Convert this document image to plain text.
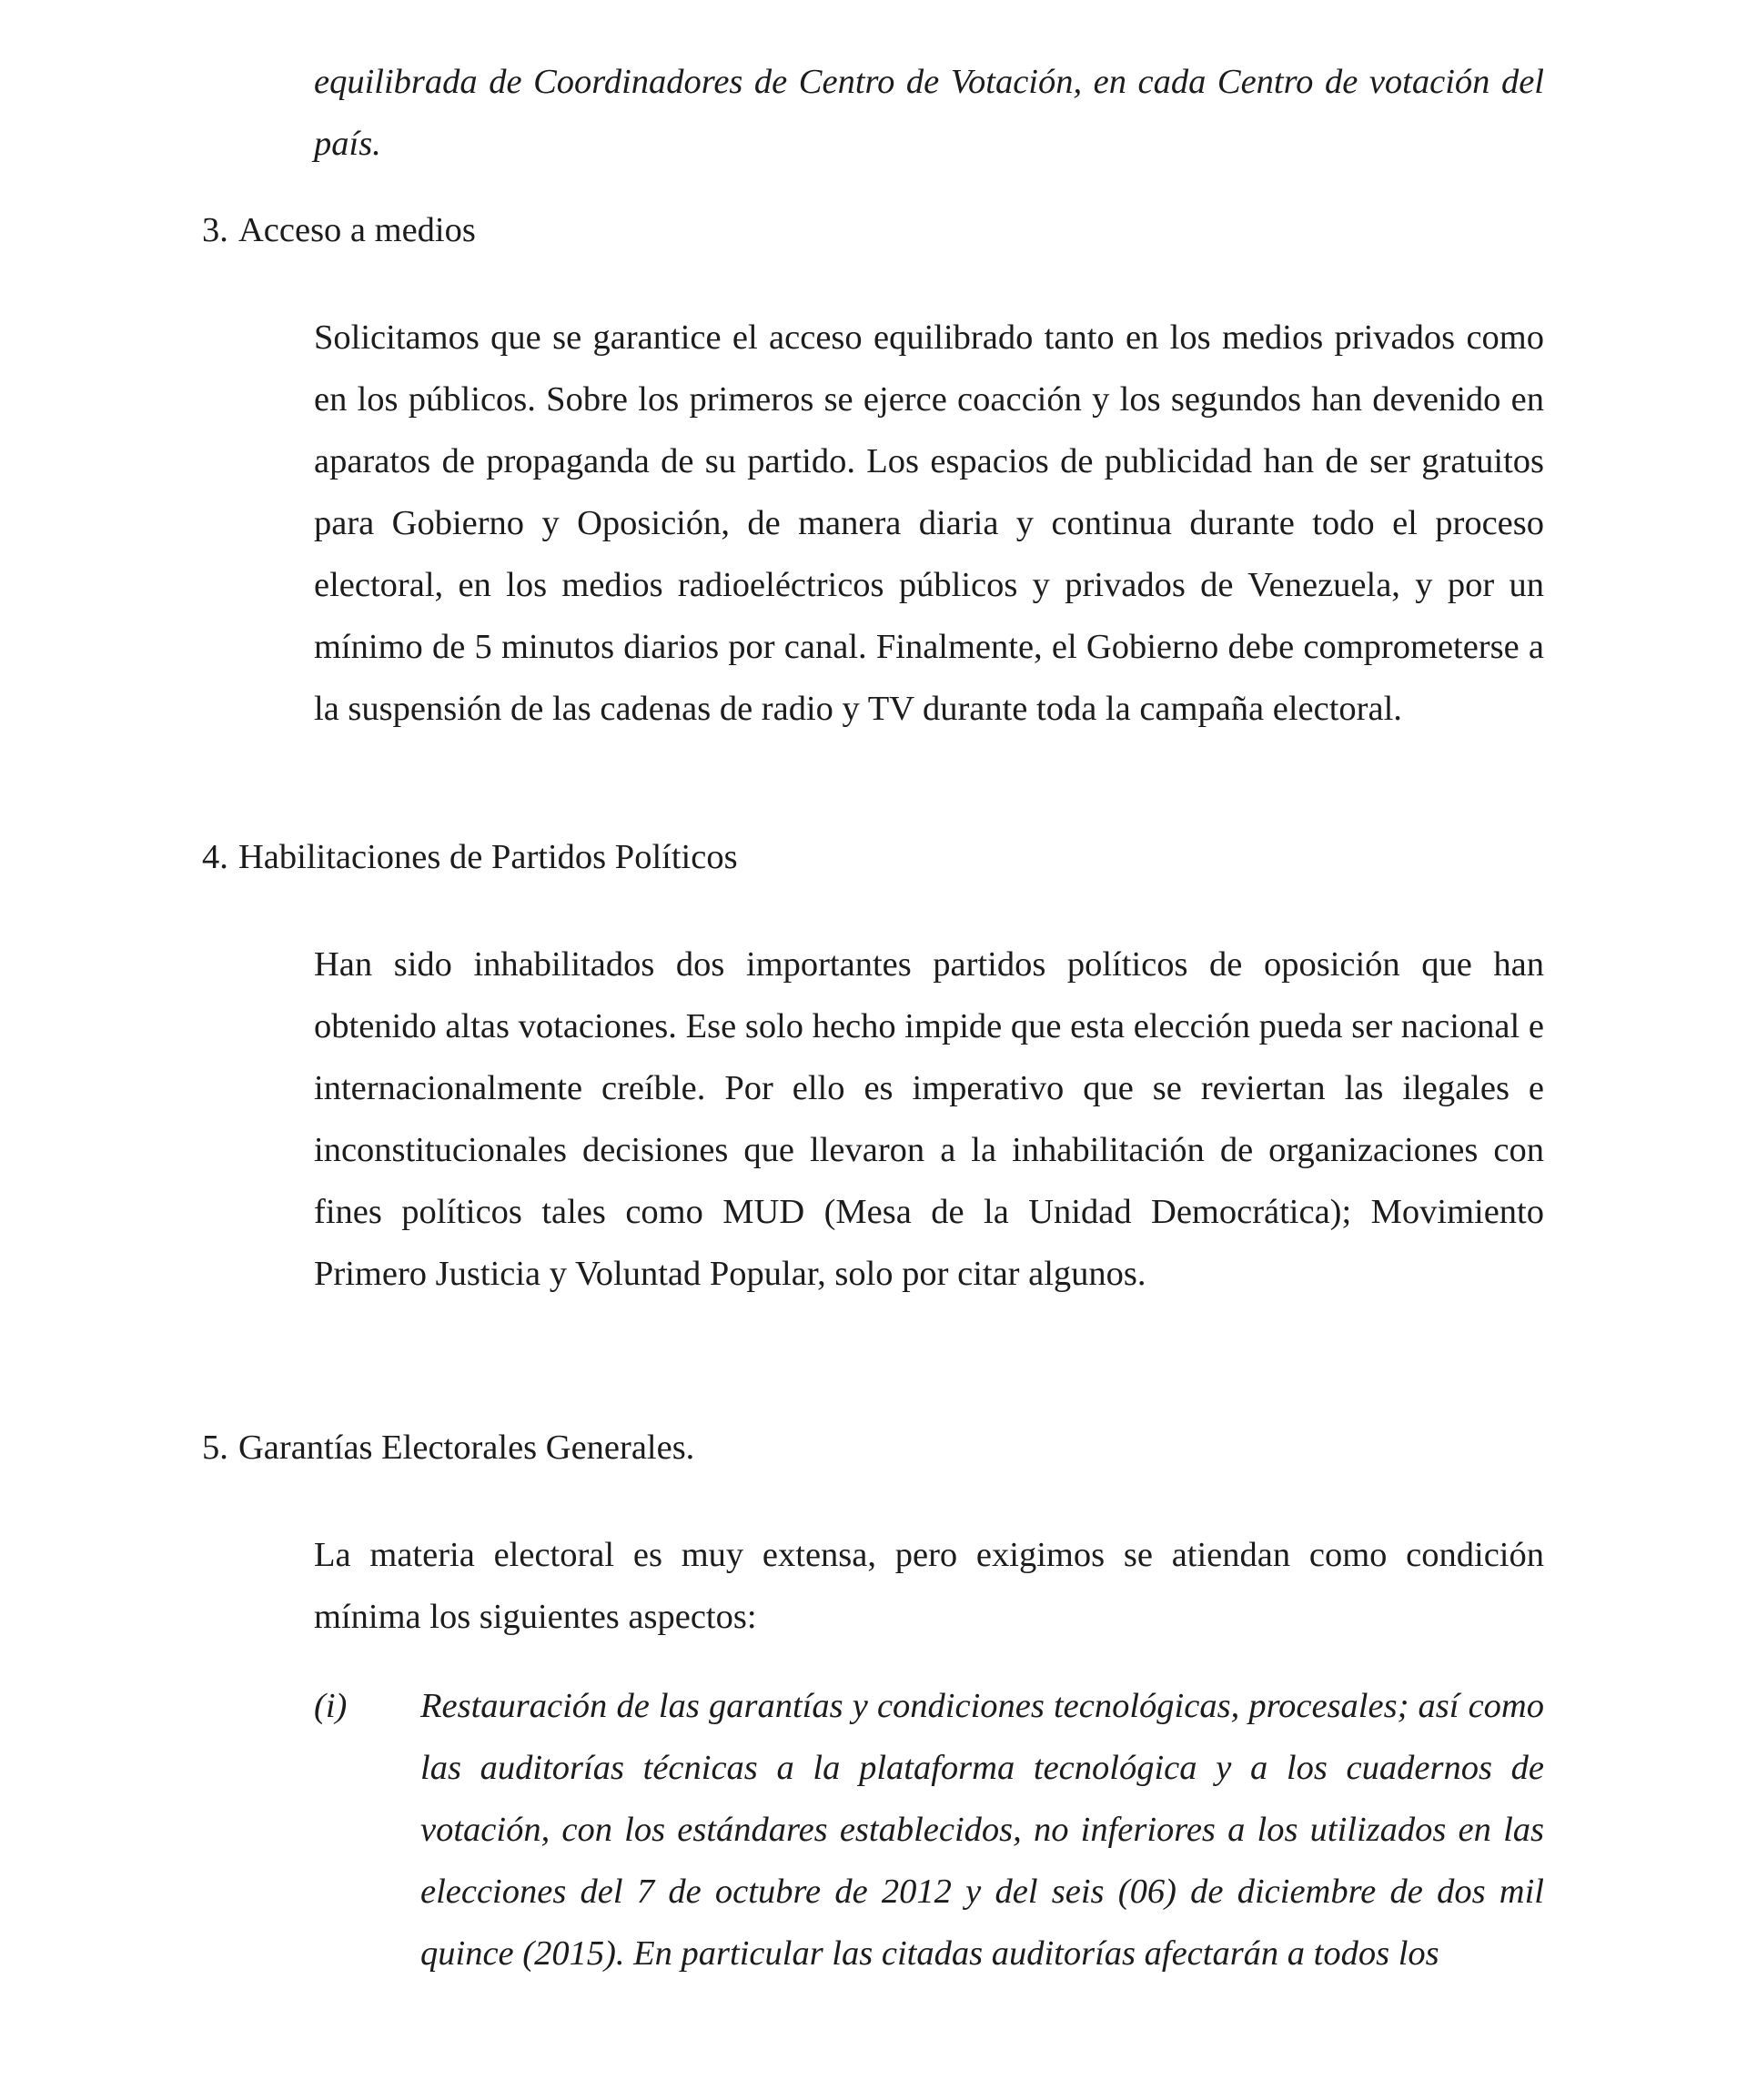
equilibrada de Coordinadores de Centro de Votación, en cada Centro de votación del país.

3. Acceso a medios

Solicitamos que se garantice el acceso equilibrado tanto en los medios privados como en los públicos. Sobre los primeros se ejerce coacción y los segundos han devenido en aparatos de propaganda de su partido. Los espacios de publicidad han de ser gratuitos para Gobierno y Oposición, de manera diaria y continua durante todo el proceso electoral, en los medios radioeléctricos públicos y privados de Venezuela, y por un mínimo de 5 minutos diarios por canal. Finalmente, el Gobierno debe comprometerse a la suspensión de las cadenas de radio y TV durante toda la campaña electoral.

4. Habilitaciones de Partidos Políticos

Han sido inhabilitados dos importantes partidos políticos de oposición que han obtenido altas votaciones. Ese solo hecho impide que esta elección pueda ser nacional e internacionalmente creíble. Por ello es imperativo que se reviertan las ilegales e inconstitucionales decisiones que llevaron a la inhabilitación de organizaciones con fines políticos tales como MUD (Mesa de la Unidad Democrática); Movimiento Primero Justicia y Voluntad Popular, solo por citar algunos.

5. Garantías Electorales Generales.

La materia electoral es muy extensa, pero exigimos se atiendan como condición mínima los siguientes aspectos:

(i) Restauración de las garantías y condiciones tecnológicas, procesales; así como las auditorías técnicas a la plataforma tecnológica y a los cuadernos de votación, con los estándares establecidos, no inferiores a los utilizados en las elecciones del 7 de octubre de 2012 y del seis (06) de diciembre de dos mil quince (2015). En particular las citadas auditorías afectarán a todos los
